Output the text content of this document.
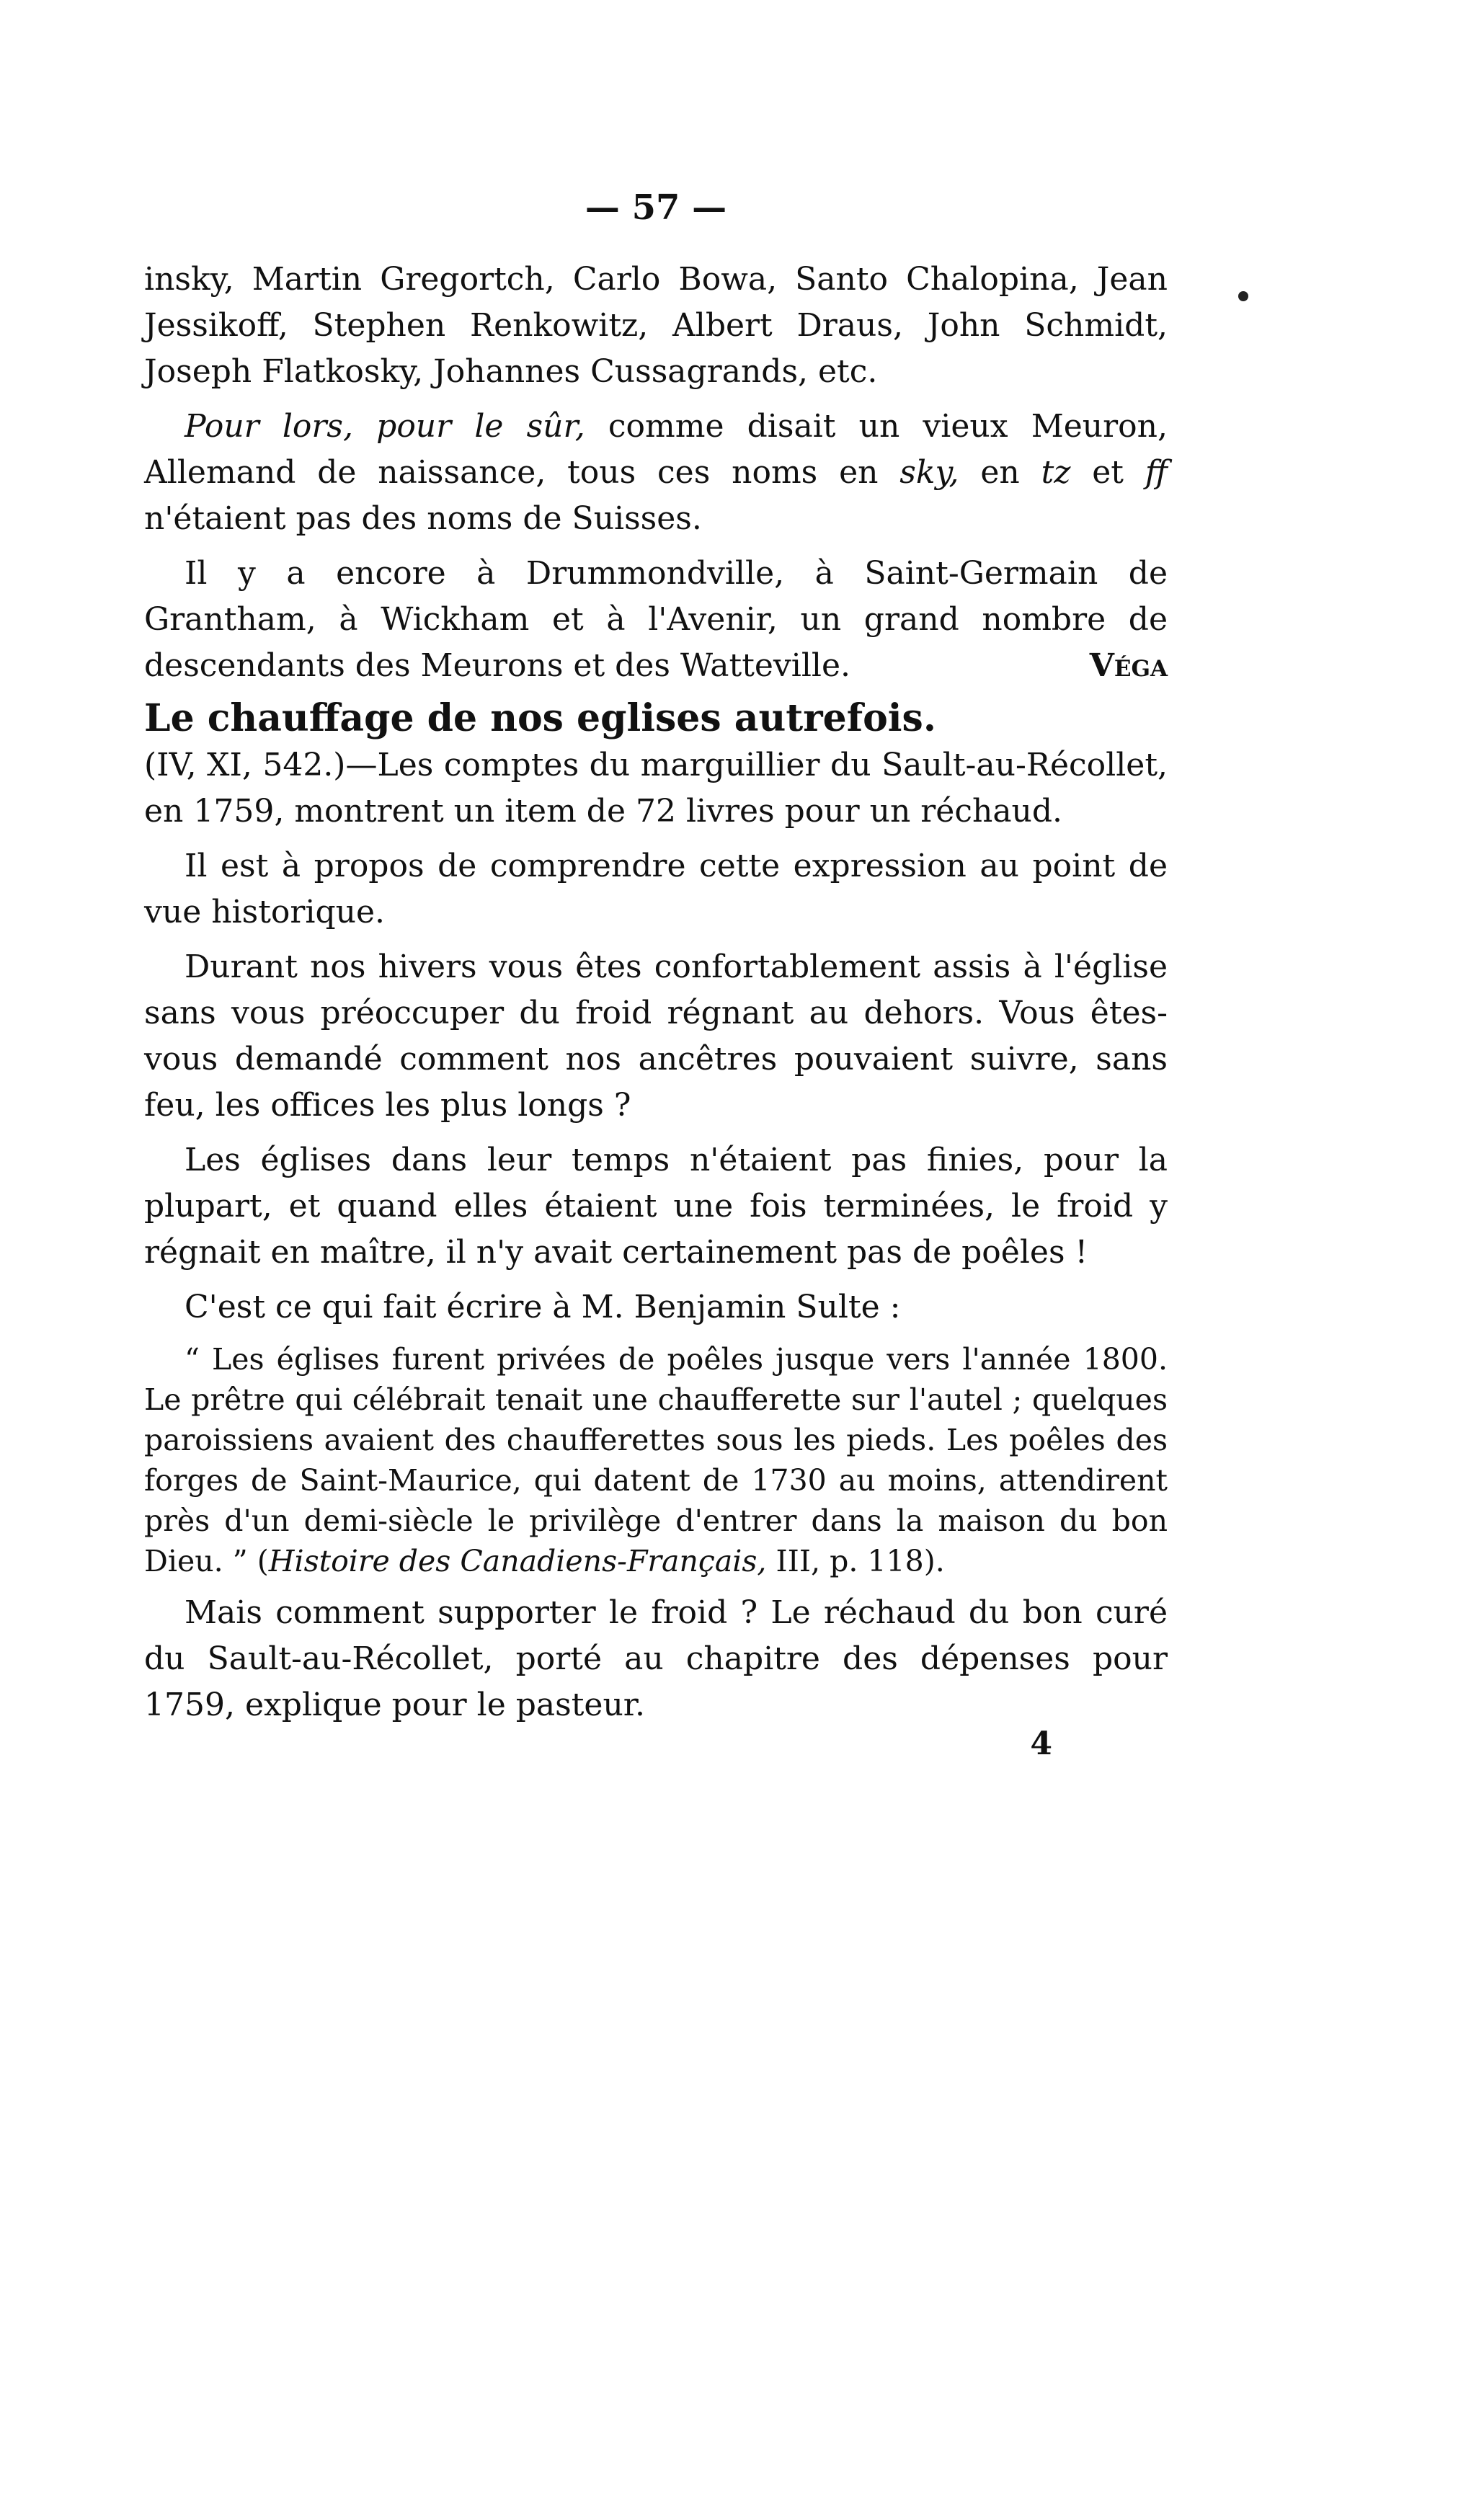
— 57 —

insky, Martin Gregortch, Carlo Bowa, Santo Chalopina, Jean Jessikoff, Stephen Renkowitz, Albert Draus, John Schmidt, Joseph Flatkosky, Johannes Cussagrands, etc.

Pour lors, pour le sûr, comme disait un vieux Meuron, Allemand de naissance, tous ces noms en sky, en tz et ff n'étaient pas des noms de Suisses.

Il y a encore à Drummondville, à Saint-Germain de Grantham, à Wickham et à l'Avenir, un grand nombre de descendants des Meurons et des Watteville.	Véga

Le chauffage de nos eglises autrefois.

(IV, XI, 542.)—Les comptes du marguillier du Sault-au-Récollet, en 1759, montrent un item de 72 livres pour un réchaud.

Il est à propos de comprendre cette expression au point de vue historique.

Durant nos hivers vous êtes confortablement assis à l'église sans vous préoccuper du froid régnant au dehors. Vous êtes-vous demandé comment nos ancêtres pouvaient suivre, sans feu, les offices les plus longs ?

Les églises dans leur temps n'étaient pas finies, pour la plupart, et quand elles étaient une fois terminées, le froid y régnait en maître, il n'y avait certainement pas de poêles !

C'est ce qui fait écrire à M. Benjamin Sulte :

“ Les églises furent privées de poêles jusque vers l'année 1800. Le prêtre qui célébrait tenait une chaufferette sur l'autel ; quelques paroissiens avaient des chaufferettes sous les pieds. Les poêles des forges de Saint-Maurice, qui datent de 1730 au moins, attendirent près d'un demi-siècle le privilège d'entrer dans la maison du bon Dieu. ” (Histoire des Canadiens-Français, III, p. 118).

Mais comment supporter le froid ? Le réchaud du bon curé du Sault-au-Récollet, porté au chapitre des dépenses pour 1759, explique pour le pasteur.

4
